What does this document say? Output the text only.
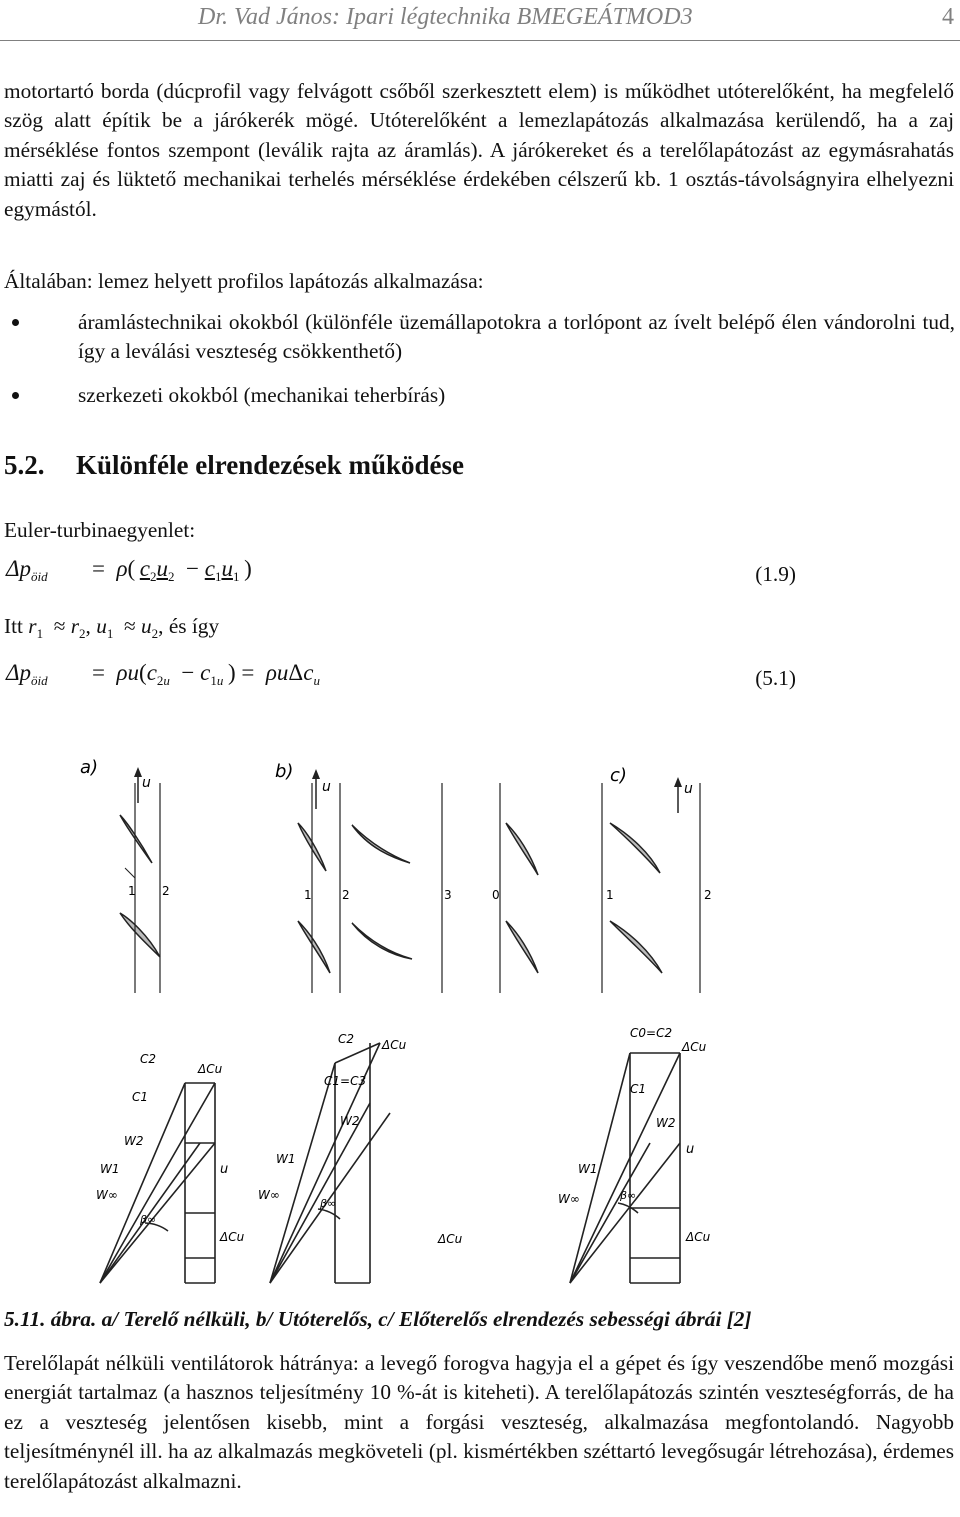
Dr. Vad János: Ipari légtechnika BMEGEÁTMOD3	4

motortartó borda (dúcprofil vagy felvágott csőből szerkesztett elem) is működhet utóterelőként, ha megfelelő szög alatt építik be a járókerék mögé. Utóterelőként a lemezlapátozás alkalmazása kerülendő, ha a zaj mérséklése fontos szempont (leválik rajta az áramlás). A járókereket és a terelőlapátozást az egymásrahatás miatti zaj és lüktető mechanikai terhelés mérséklése érdekében célszerű kb. 1 osztás-távolságnyira elhelyezni egymástól.

Általában: lemez helyett profilos lapátozás alkalmazása:

áramlástechnikai okokból (különféle üzemállapotokra a torlópont az ívelt belépő élen vándorolni tud, így a leválási veszteség csökkenthető)
szerkezeti okokból (mechanikai teherbírás)
5.2. Különféle elrendezések működése

Euler-turbinaegyenlet:

$\Delta p_{öid} = \rho$( $c_2u_2 - c_1u_1$ )	(1.9)
Itt $r_1 \approx r_2$, $u_1 \approx u_2$, és így
$\Delta p_{öid} = \rho u(c_{2u} - c_{1u}$ ) =  ρuΔc$_u$	(5.1)
a)	b)	c)
u
1 2
u
1	2	3
u
0	1	2
C2
ΔCu
C1
W2
W1
W∞
β∞
ΔCu
C2 ΔCu
C1=C3
W2
W1
W∞
β∞
ΔCu
C0=C2
ΔCu
C1
W2
W1
W∞	β∞
ΔCu
u
u
5.11. ábra. a/ Terelő nélküli, b/ Utóterelős, c/ Előterelős elrendezés sebességi ábrái [2]

Terelőlapát nélküli ventilátorok hátránya: a levegő forogva hagyja el a gépet és így veszendőbe menő mozgási energiát tartalmaz (a hasznos teljesítmény 10 %-át is kiteheti). A terelőlapátozás szintén veszteségforrás, de ha ez a veszteség jelentősen kisebb, mint a forgási veszteség, alkalmazása megfontolandó. Nagyobb teljesítménynél ill. ha az alkalmazás megköveteli (pl. kismértékben széttartó levegősugár létrehozása), érdemes terelőlapátozást alkalmazni.
